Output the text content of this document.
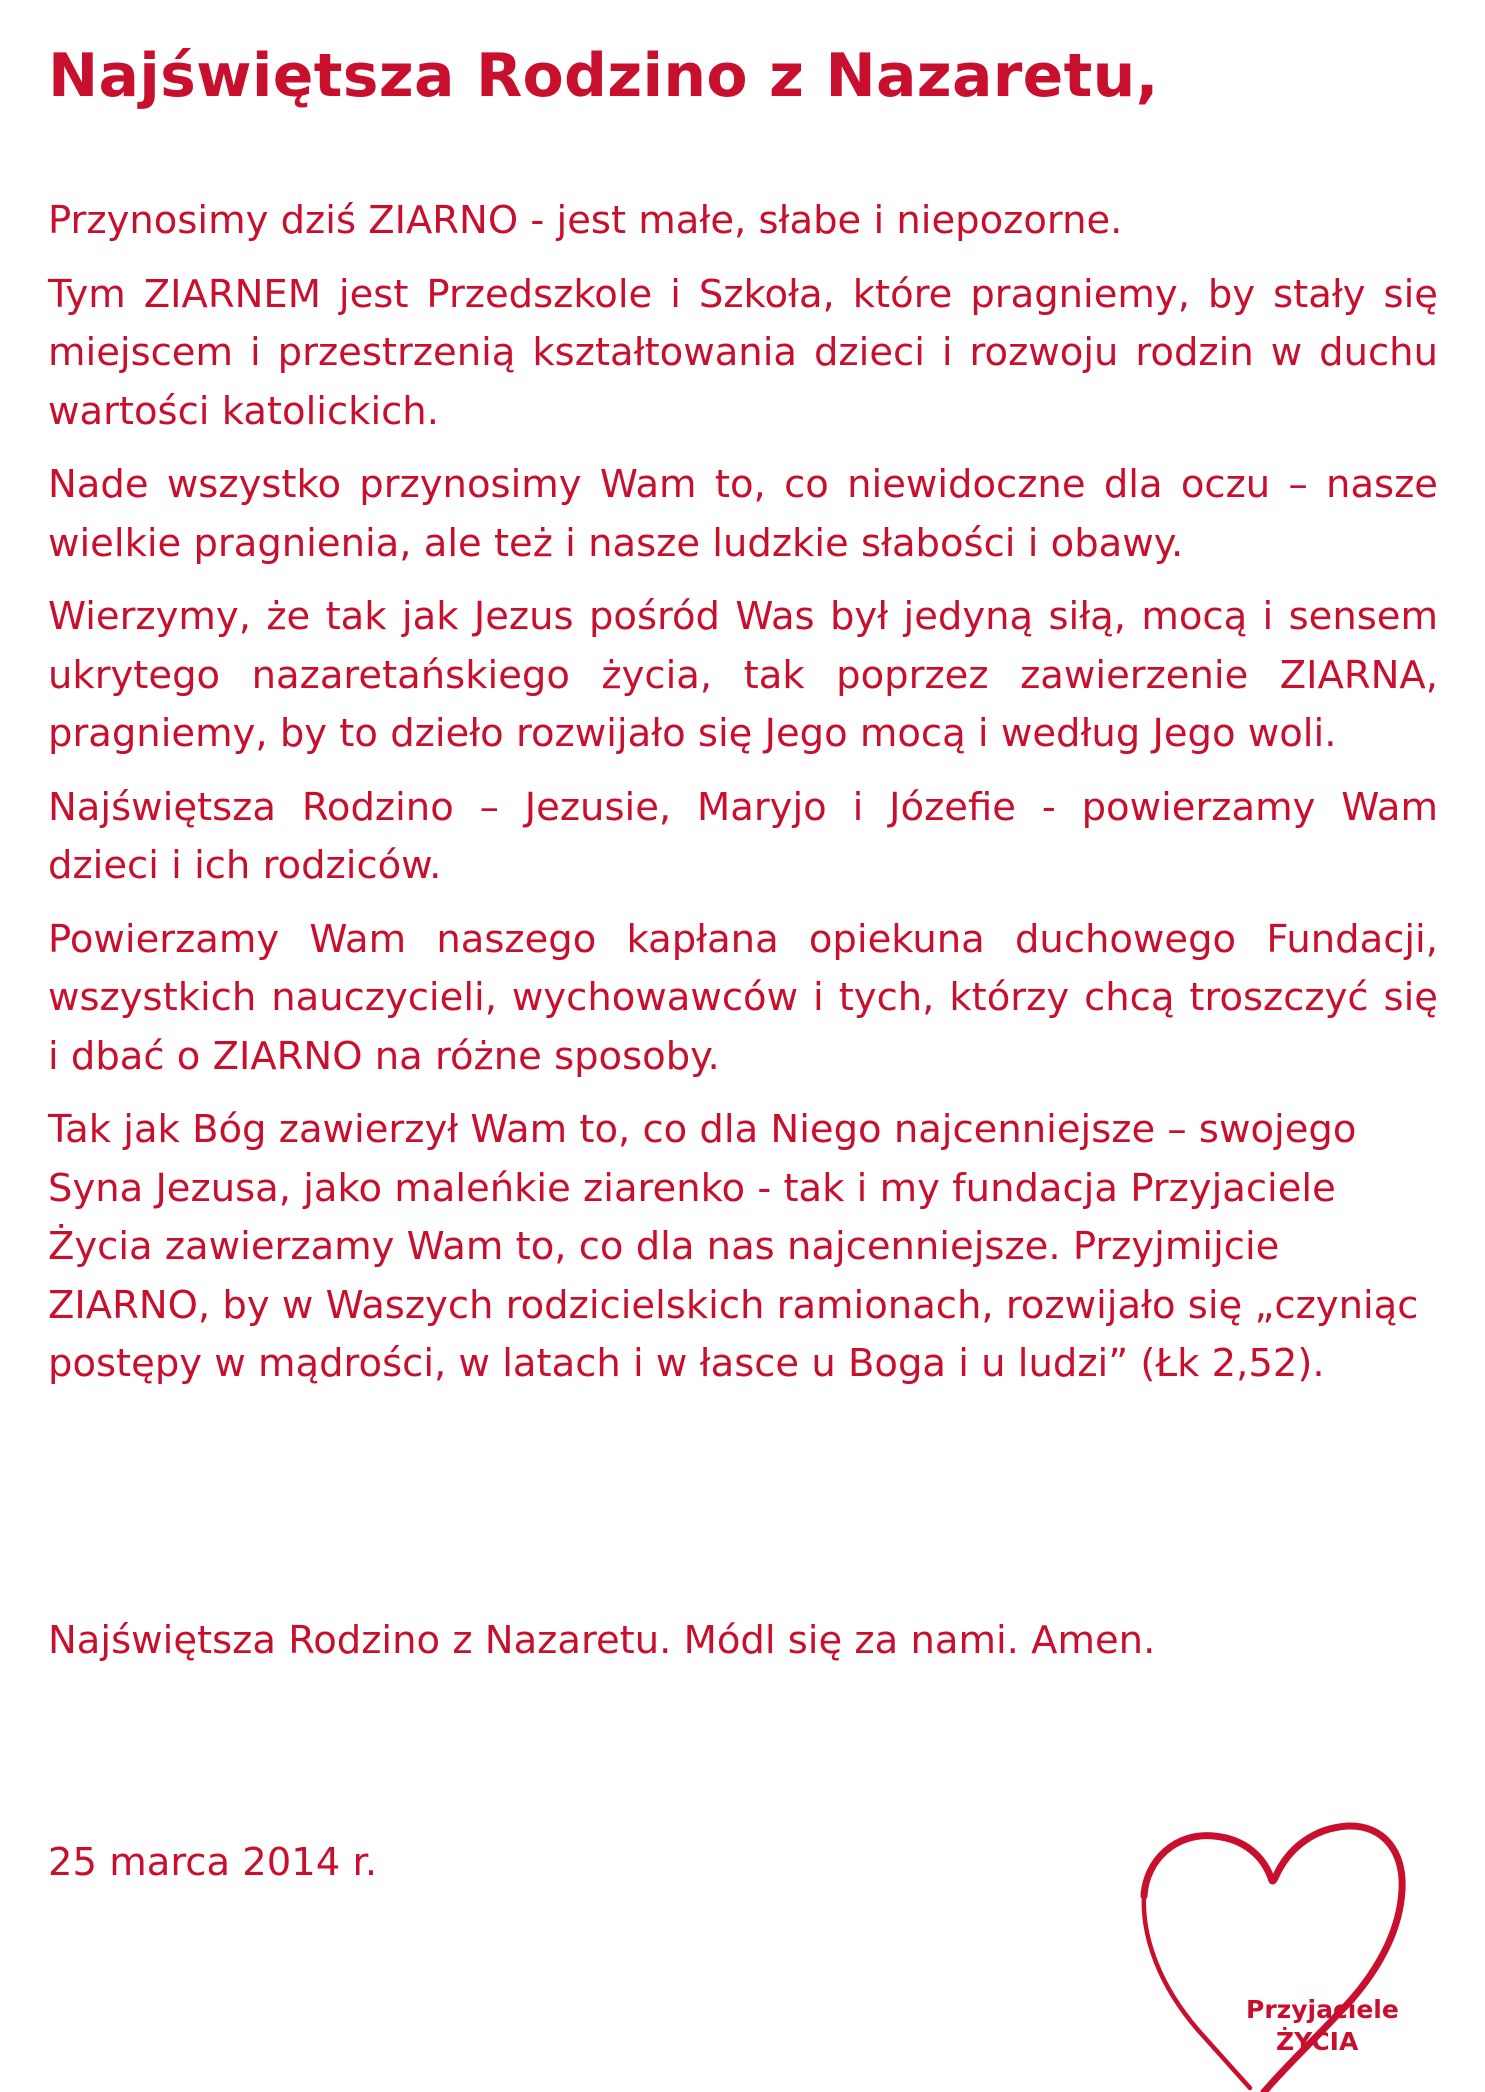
Najświętsza Rodzino z Nazaretu,

Przynosimy dziś ZIARNO - jest małe, słabe i niepozorne.

Tym ZIARNEM jest Przedszkole i Szkoła, które pragniemy, by stały się miejscem i przestrzenią kształtowania dzieci i rozwoju rodzin w duchu wartości katolickich.

Nade wszystko przynosimy Wam to, co niewidoczne dla oczu – nasze wielkie pragnienia, ale też i nasze ludzkie słabości i obawy.

Wierzymy, że tak jak Jezus pośród Was był jedyną siłą, mocą i sensem ukrytego nazaretańskiego życia, tak poprzez zawierzenie ZIARNA, pragniemy, by to dzieło rozwijało się Jego mocą i według Jego woli.

Najświętsza Rodzino – Jezusie, Maryjo i Józefie - powierzamy Wam dzieci i ich rodziców.

Powierzamy Wam naszego kapłana opiekuna duchowego Fundacji, wszystkich nauczycieli, wychowawców i tych, którzy chcą troszczyć się i dbać o ZIARNO na różne sposoby.

Tak jak Bóg zawierzył Wam to, co dla Niego najcenniejsze – swojego Syna Jezusa, jako maleńkie ziarenko - tak i my fundacja Przyjaciele Życia zawierzamy Wam to, co dla nas najcenniejsze. Przyjmijcie ZIARNO, by w Waszych rodzicielskich ramionach, rozwijało się „czyniąc postępy w mądrości, w latach i w łasce u Boga i u ludzi” (Łk 2,52).

Najświętsza Rodzino z Nazaretu. Módl się za nami. Amen.

25 marca 2014 r.

Przyjaciele
ŻYCIA
